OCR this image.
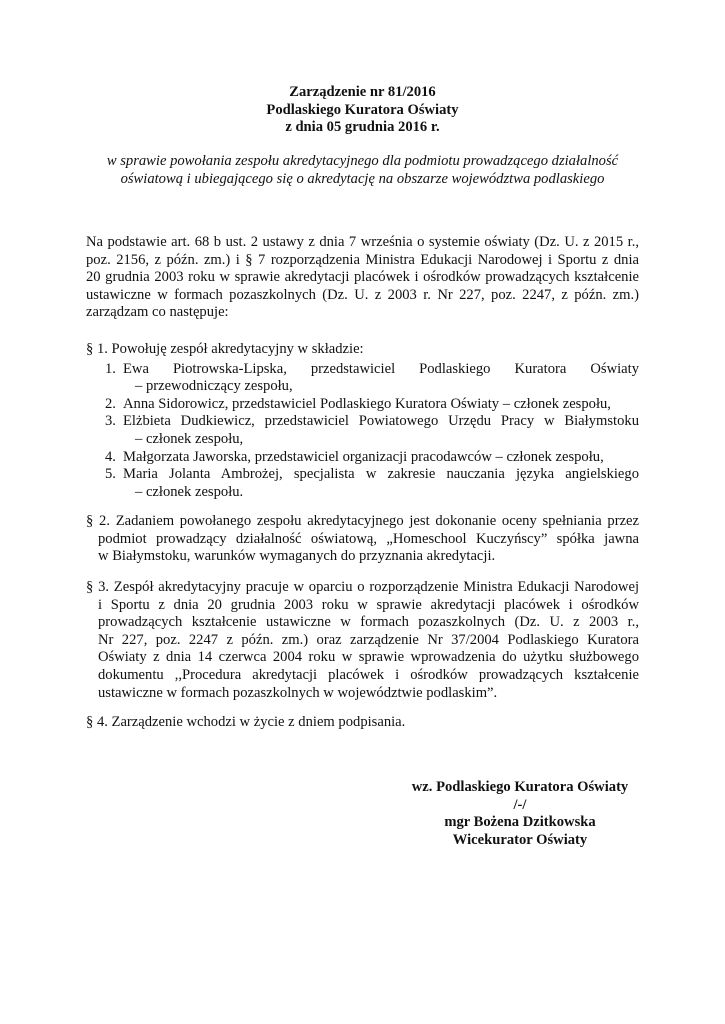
Zarządzenie nr 81/2016
Podlaskiego Kuratora Oświaty
z dnia 05 grudnia 2016 r.
w sprawie powołania zespołu akredytacyjnego dla podmiotu prowadzącego działalność
oświatową i ubiegającego się o akredytację na obszarze województwa podlaskiego
Na podstawie art. 68 b ust. 2 ustawy z dnia 7 września o systemie oświaty (Dz. U. z 2015 r.,
poz. 2156, z późn. zm.) i § 7 rozporządzenia Ministra Edukacji Narodowej i Sportu z dnia
20 grudnia 2003 roku w sprawie akredytacji placówek i ośrodków prowadzących kształcenie
ustawiczne w formach pozaszkolnych (Dz. U. z 2003 r. Nr 227, poz. 2247, z późn. zm.)
zarządzam co następuje:
§ 1. Powołuję zespół akredytacyjny w składzie:
1. Ewa Piotrowska-Lipska, przedstawiciel Podlaskiego Kuratora Oświaty
– przewodniczący zespołu,
2. Anna Sidorowicz, przedstawiciel Podlaskiego Kuratora Oświaty – członek zespołu,
3. Elżbieta Dudkiewicz, przedstawiciel Powiatowego Urzędu Pracy w Białymstoku
– członek zespołu,
4. Małgorzata Jaworska, przedstawiciel organizacji pracodawców – członek zespołu,
5. Maria Jolanta Ambrożej, specjalista w zakresie nauczania języka angielskiego
– członek zespołu.
§ 2. Zadaniem powołanego zespołu akredytacyjnego jest dokonanie oceny spełniania przez
podmiot prowadzący działalność oświatową, „Homeschool Kuczyńscy” spółka jawna
w Białymstoku, warunków wymaganych do przyznania akredytacji.
§ 3. Zespół akredytacyjny pracuje w oparciu o rozporządzenie Ministra Edukacji Narodowej
i Sportu z dnia 20 grudnia 2003 roku w sprawie akredytacji placówek i ośrodków
prowadzących kształcenie ustawiczne w formach pozaszkolnych (Dz. U. z 2003 r.,
Nr 227, poz. 2247 z późn. zm.) oraz zarządzenie Nr 37/2004 Podlaskiego Kuratora
Oświaty z dnia 14 czerwca 2004 roku w sprawie wprowadzenia do użytku służbowego
dokumentu ,,Procedura akredytacji placówek i ośrodków prowadzących kształcenie
ustawiczne w formach pozaszkolnych w województwie podlaskim”.
§ 4. Zarządzenie wchodzi w życie z dniem podpisania.
wz. Podlaskiego Kuratora Oświaty
/-/
mgr Bożena Dzitkowska
Wicekurator Oświaty
